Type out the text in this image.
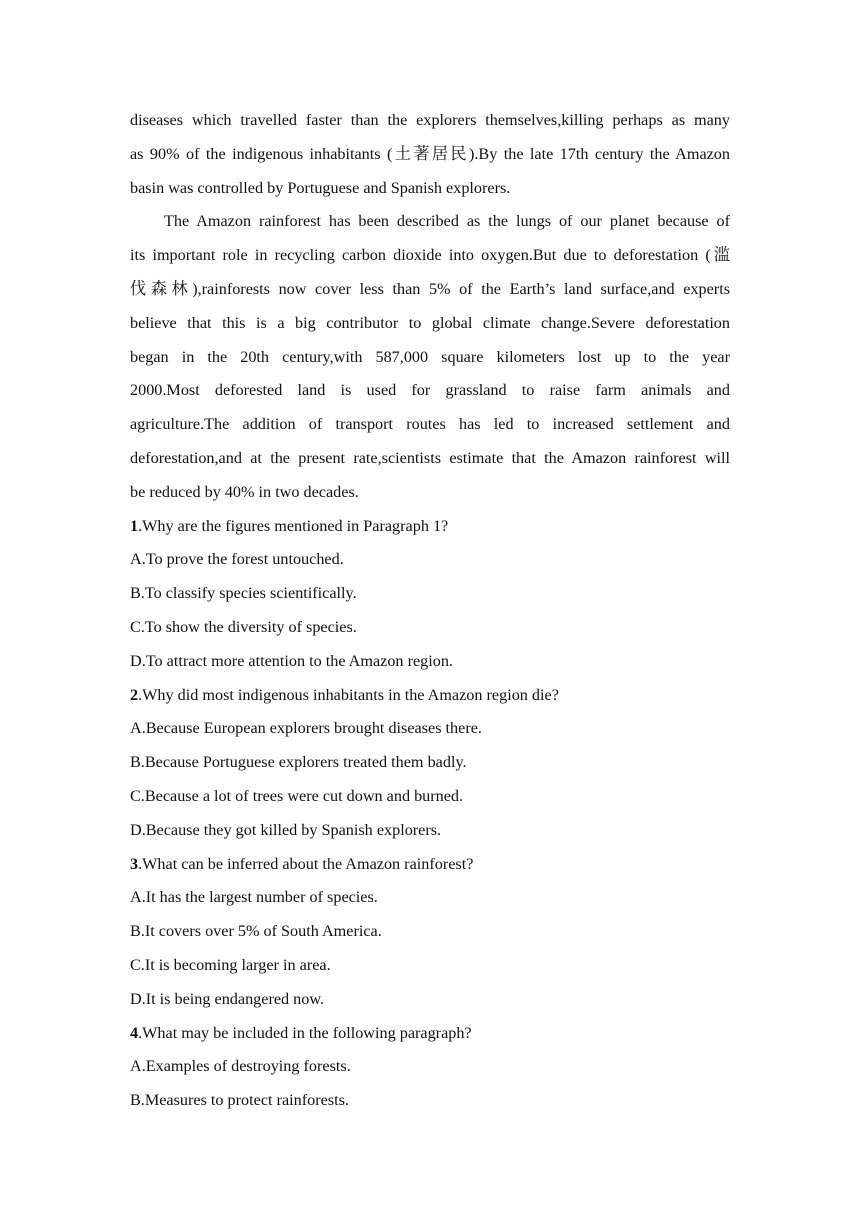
diseases which travelled faster than the explorers themselves,killing perhaps as many
as 90% of the indigenous inhabitants (土著居民).By the late 17th century the Amazon
basin was controlled by Portuguese and Spanish explorers.
The Amazon rainforest has been described as the lungs of our planet because of
its important role in recycling carbon dioxide into oxygen.But due to deforestation (滥
伐森林),rainforests now cover less than 5% of the Earth’s land surface,and experts
believe that this is a big contributor to global climate change.Severe deforestation
began in the 20th century,with 587,000 square kilometers lost up to the year
2000.Most deforested land is used for grassland to raise farm animals and
agriculture.The addition of transport routes has led to increased settlement and
deforestation,and at the present rate,scientists estimate that the Amazon rainforest will
be reduced by 40% in two decades.
1.Why are the figures mentioned in Paragraph 1?
A.To prove the forest untouched.
B.To classify species scientifically.
C.To show the diversity of species.
D.To attract more attention to the Amazon region.
2.Why did most indigenous inhabitants in the Amazon region die?
A.Because European explorers brought diseases there.
B.Because Portuguese explorers treated them badly.
C.Because a lot of trees were cut down and burned.
D.Because they got killed by Spanish explorers.
3.What can be inferred about the Amazon rainforest?
A.It has the largest number of species.
B.It covers over 5% of South America.
C.It is becoming larger in area.
D.It is being endangered now.
4.What may be included in the following paragraph?
A.Examples of destroying forests.
B.Measures to protect rainforests.
